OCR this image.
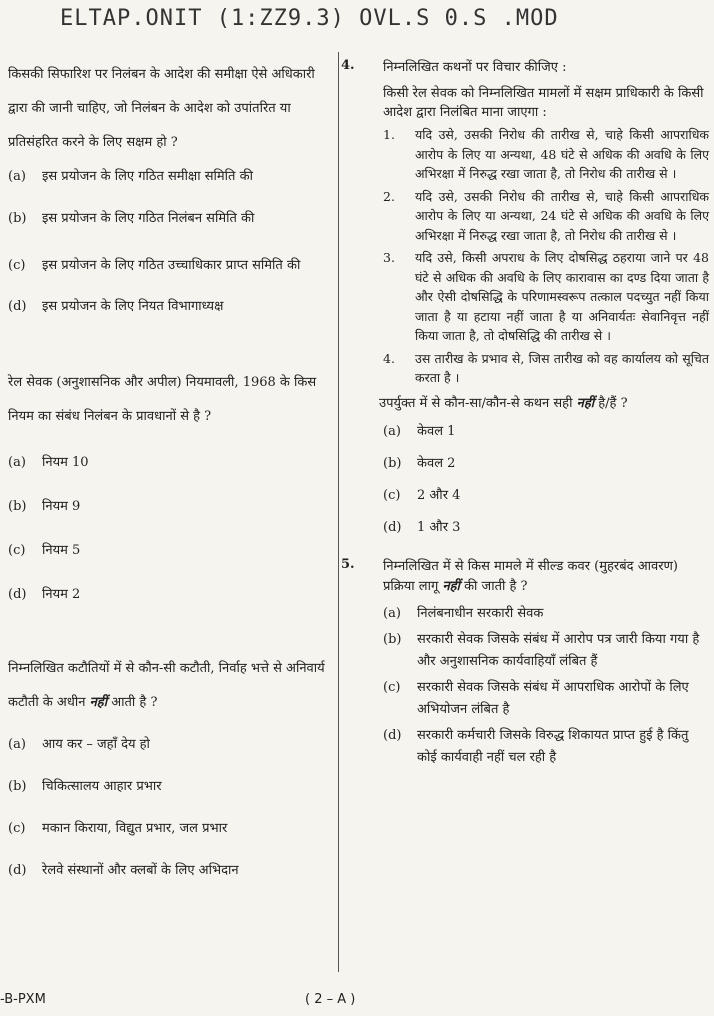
ELTAP.ONIT (1:ZZ9.3) OVL.S 0.S .MOD
किसकी सिफारिश पर निलंबन के आदेश की समीक्षा ऐसे अधिकारी द्वारा की जानी चाहिए, जो निलंबन के आदेश को उपांतरित या प्रतिसंहरित करने के लिए सक्षम हो ?
(a)	इस प्रयोजन के लिए गठित समीक्षा समिति की
(b)	इस प्रयोजन के लिए गठित निलंबन समिति की
(c)	इस प्रयोजन के लिए गठित उच्चाधिकार प्राप्त समिति की
(d)	इस प्रयोजन के लिए नियत विभागाध्यक्ष
रेल सेवक (अनुशासनिक और अपील) नियमावली, 1968 के किस नियम का संबंध निलंबन के प्रावधानों से है ?
(a)	नियम 10
(b)	नियम 9
(c)	नियम 5
(d)	नियम 2
निम्नलिखित कटौतियों में से कौन-सी कटौती, निर्वाह भत्ते से अनिवार्य कटौती के अधीन नहीं आती है ?
(a)	आय कर – जहाँ देय हो
(b)	चिकित्सालय आहार प्रभार
(c)	मकान किराया, विद्युत प्रभार, जल प्रभार
(d)	रेलवे संस्थानों और क्लबों के लिए अभिदान
4.	निम्नलिखित कथनों पर विचार कीजिए :
किसी रेल सेवक को निम्नलिखित मामलों में सक्षम प्राधिकारी के किसी आदेश द्वारा निलंबित माना जाएगा :
1.	यदि उसे, उसकी निरोध की तारीख से, चाहे किसी आपराधिक आरोप के लिए या अन्यथा, 48 घंटे से अधिक की अवधि के लिए अभिरक्षा में निरुद्ध रखा जाता है, तो निरोध की तारीख से ।
2.	यदि उसे, उसकी निरोध की तारीख से, चाहे किसी आपराधिक आरोप के लिए या अन्यथा, 24 घंटे से अधिक की अवधि के लिए अभिरक्षा में निरुद्ध रखा जाता है, तो निरोध की तारीख से ।
3.	यदि उसे, किसी अपराध के लिए दोषसिद्ध ठहराया जाने पर 48 घंटे से अधिक की अवधि के लिए कारावास का दण्ड दिया जाता है और ऐसी दोषसिद्धि के परिणामस्वरूप तत्काल पदच्युत नहीं किया जाता है या हटाया नहीं जाता है या अनिवार्यतः सेवानिवृत्त नहीं किया जाता है, तो दोषसिद्धि की तारीख से ।
4.	उस तारीख के प्रभाव से, जिस तारीख को वह कार्यालय को सूचित करता है ।
उपर्युक्त में से कौन-सा/कौन-से कथन सही नहीं है/हैं ?
(a)	केवल 1
(b)	केवल 2
(c)	2 और 4
(d)	1 और 3
5.	निम्नलिखित में से किस मामले में सील्ड कवर (मुहरबंद आवरण) प्रक्रिया लागू नहीं की जाती है ?
(a)	निलंबनाधीन सरकारी सेवक
(b)	सरकारी सेवक जिसके संबंध में आरोप पत्र जारी किया गया है और अनुशासनिक कार्यवाहियाँ लंबित हैं
(c)	सरकारी सेवक जिसके संबंध में आपराधिक आरोपों के लिए अभियोजन लंबित है
(d)	सरकारी कर्मचारी जिसके विरुद्ध शिकायत प्राप्त हुई है किंतु कोई कार्यवाही नहीं चल रही है
-B-PXM	( 2 – A )
